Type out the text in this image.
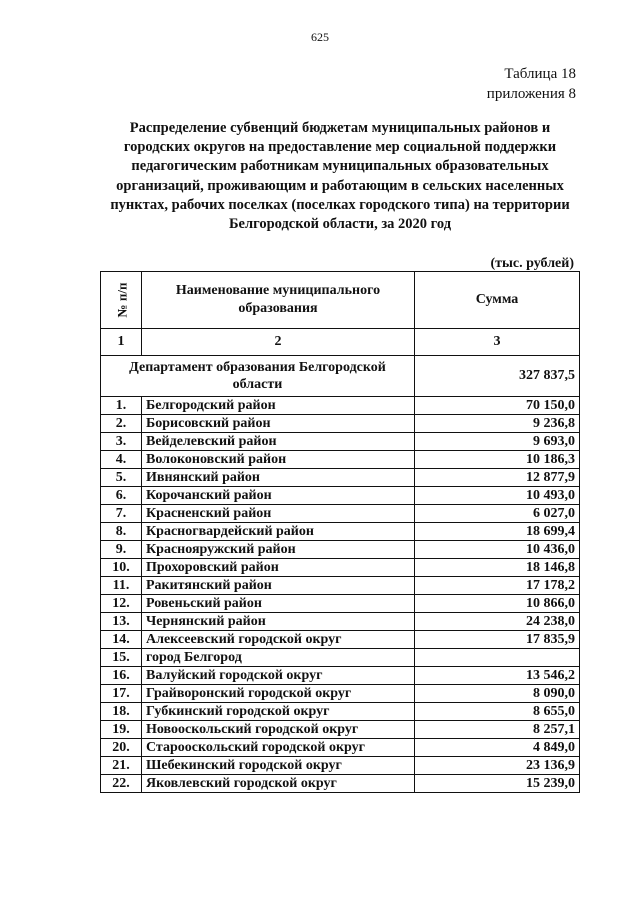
625
Таблица 18
приложения 8
Распределение субвенций бюджетам муниципальных районов и городских округов на предоставление мер социальной поддержки педагогическим работникам муниципальных образовательных организаций, проживающим и работающим в сельских населенных пунктах, рабочих поселках (поселках городского типа) на территории Белгородской области, за 2020 год
(тыс. рублей)
№ п/п	Наименование муниципального образования	Сумма
1	2	3
Департамент образования Белгородской области		327 837,5
1.	Белгородский район	70 150,0
2.	Борисовский район	9 236,8
3.	Вейделевский район	9 693,0
4.	Волоконовский район	10 186,3
5.	Ивнянский район	12 877,9
6.	Корочанский район	10 493,0
7.	Красненский район	6 027,0
8.	Красногвардейский район	18 699,4
9.	Краснояружский район	10 436,0
10.	Прохоровский район	18 146,8
11.	Ракитянский район	17 178,2
12.	Ровеньский район	10 866,0
13.	Чернянский район	24 238,0
14.	Алексеевский городской округ	17 835,9
15.	город Белгород	
16.	Валуйский городской округ	13 546,2
17.	Грайворонский городской округ	8 090,0
18.	Губкинский городской округ	8 655,0
19.	Новооскольский городской округ	8 257,1
20.	Старооскольский городской округ	4 849,0
21.	Шебекинский городской округ	23 136,9
22.	Яковлевский городской округ	15 239,0
